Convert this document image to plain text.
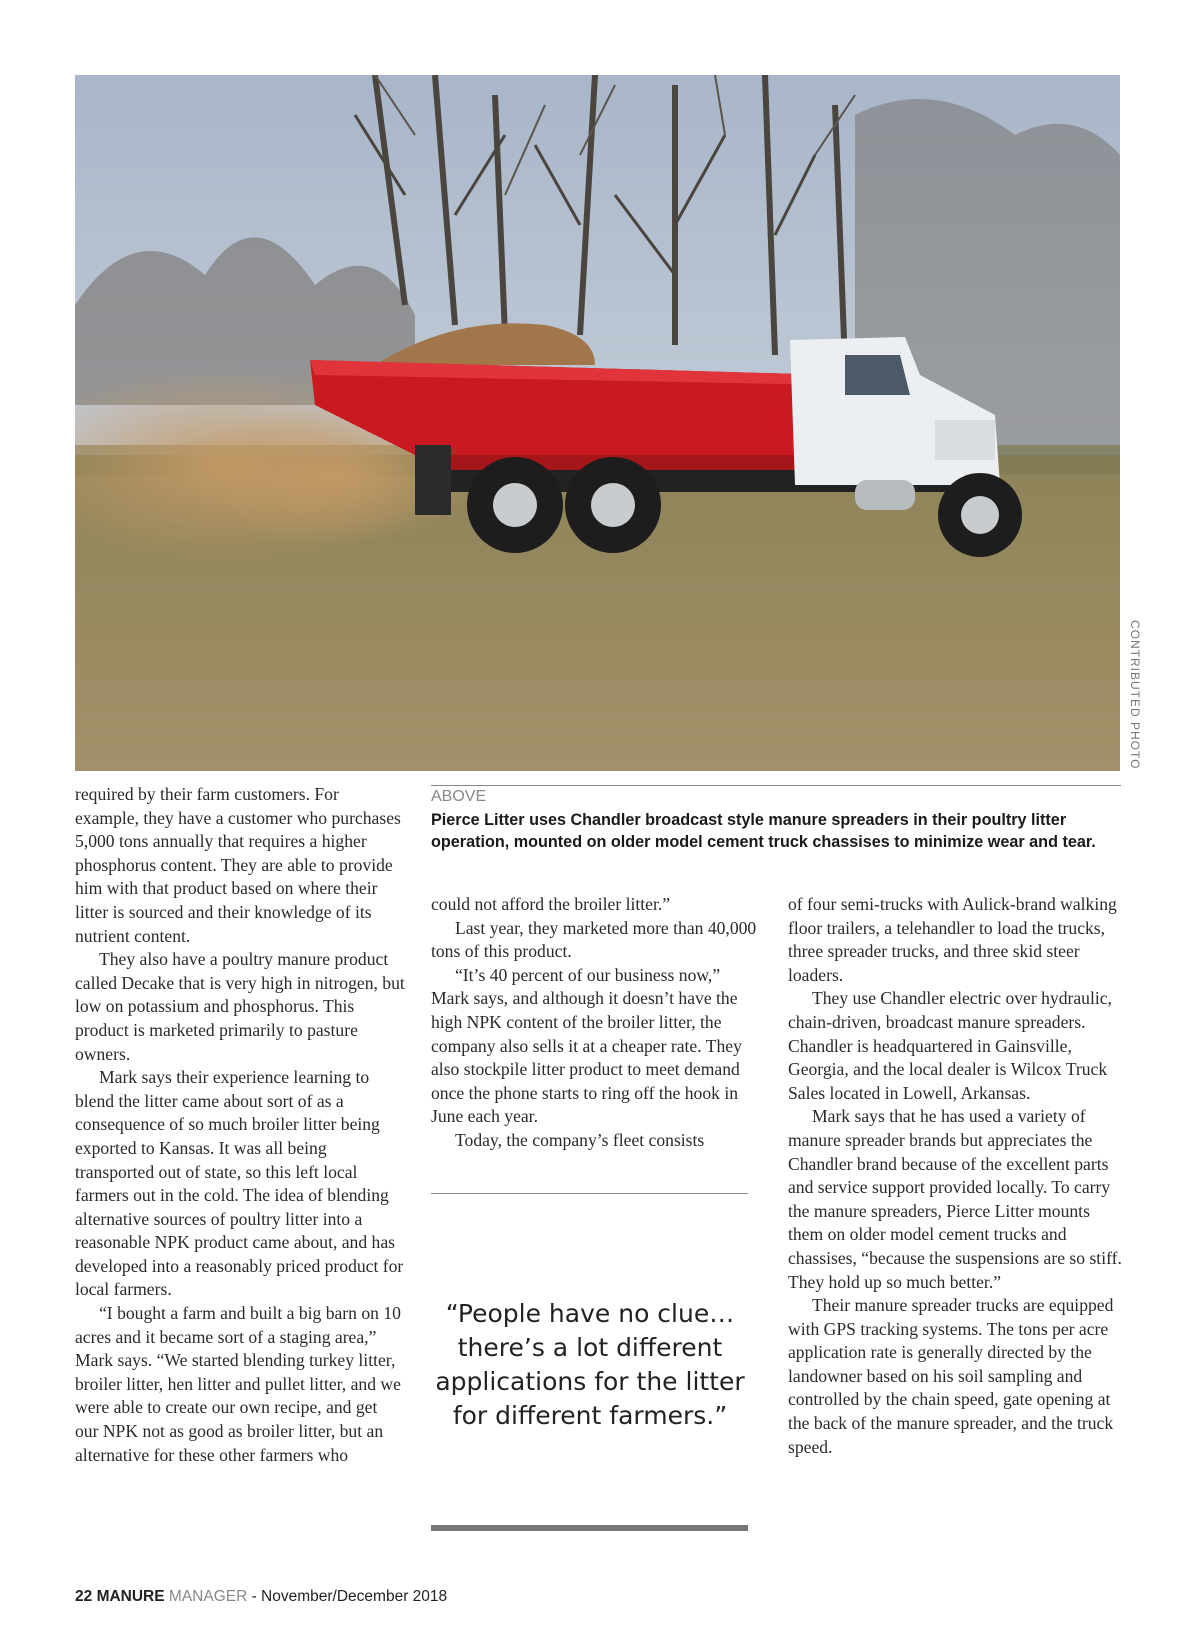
CONTRIBUTED PHOTO

required by their farm customers. For example, they have a customer who purchases 5,000 tons annually that requires a higher phosphorus content. They are able to provide him with that product based on where their litter is sourced and their knowledge of its nutrient content.

They also have a poultry manure product called Decake that is very high in nitrogen, but low on potassium and phosphorus. This product is marketed primarily to pasture owners.

Mark says their experience learning to blend the litter came about sort of as a consequence of so much broiler litter being exported to Kansas. It was all being transported out of state, so this left local farmers out in the cold. The idea of blending alternative sources of poultry litter into a reasonable NPK product came about, and has developed into a reasonably priced product for local farmers.

“I bought a farm and built a big barn on 10 acres and it became sort of a staging area,” Mark says. “We started blending turkey litter, broiler litter, hen litter and pullet litter, and we were able to create our own recipe, and get our NPK not as good as broiler litter, but an alternative for these other farmers who

ABOVE
Pierce Litter uses Chandler broadcast style manure spreaders in their poultry litter operation, mounted on older model cement truck chassises to minimize wear and tear.

could not afford the broiler litter.”

Last year, they marketed more than 40,000 tons of this product.

“It’s 40 percent of our business now,” Mark says, and although it doesn’t have the high NPK content of the broiler litter, the company also sells it at a cheaper rate. They also stockpile litter product to meet demand once the phone starts to ring off the hook in June each year.

Today, the company’s fleet consists

“People have no clue… there’s a lot different applications for the litter for different farmers.”

of four semi-trucks with Aulick-brand walking floor trailers, a telehandler to load the trucks, three spreader trucks, and three skid steer loaders.

They use Chandler electric over hydraulic, chain-driven, broadcast manure spreaders. Chandler is headquartered in Gainsville, Georgia, and the local dealer is Wilcox Truck Sales located in Lowell, Arkansas.

Mark says that he has used a variety of manure spreader brands but appreciates the Chandler brand because of the excellent parts and service support provided locally. To carry the manure spreaders, Pierce Litter mounts them on older model cement trucks and chassises, “because the suspensions are so stiff. They hold up so much better.”

Their manure spreader trucks are equipped with GPS tracking systems. The tons per acre application rate is generally directed by the landowner based on his soil sampling and controlled by the chain speed, gate opening at the back of the manure spreader, and the truck speed.

22 MANURE MANAGER - November/December 2018
